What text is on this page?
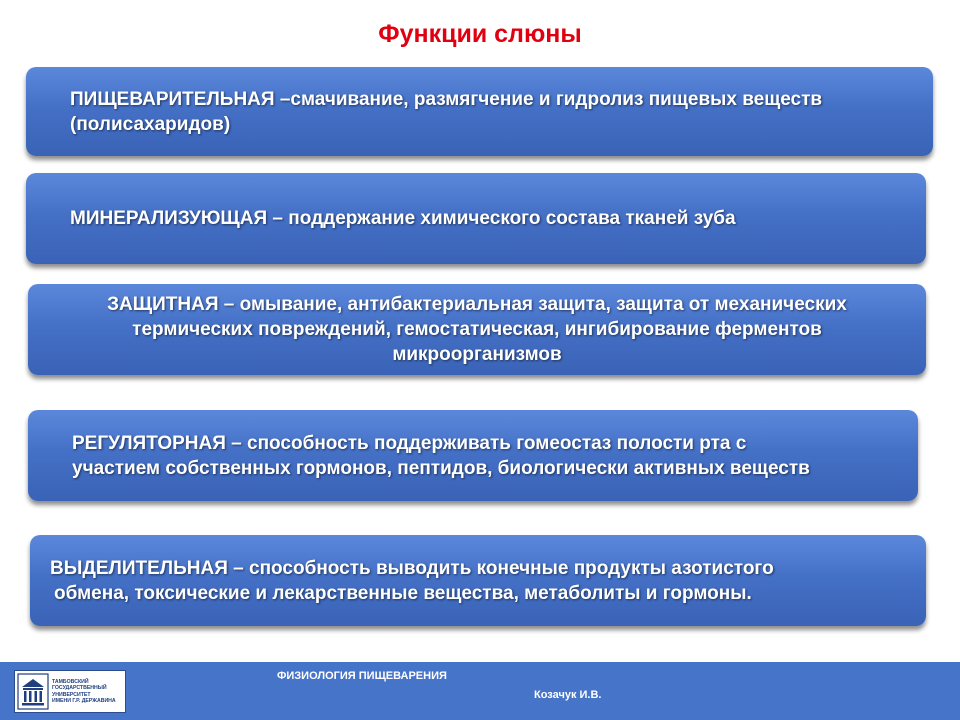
Функции слюны
ПИЩЕВАРИТЕЛЬНАЯ –смачивание, размягчение и гидролиз пищевых веществ
(полисахаридов)
МИНЕРАЛИЗУЮЩАЯ – поддержание химического состава тканей зуба
ЗАЩИТНАЯ – омывание, антибактериальная защита, защита от механических
термических повреждений, гемостатическая, ингибирование ферментов
микроорганизмов
РЕГУЛЯТОРНАЯ – способность поддерживать гомеостаз полости рта с
участием собственных гормонов, пептидов, биологически активных веществ
ВЫДЕЛИТЕЛЬНАЯ – способность выводить конечные продукты азотистого
обмена, токсические и лекарственные вещества, метаболиты и гормоны.
ТАМБОВСКИЙ
ГОСУДАРСТВЕННЫЙ
УНИВЕРСИТЕТ
ИМЕНИ Г.Р. ДЕРЖАВИНА
ФИЗИОЛОГИЯ ПИЩЕВАРЕНИЯ
Козачук И.В.
